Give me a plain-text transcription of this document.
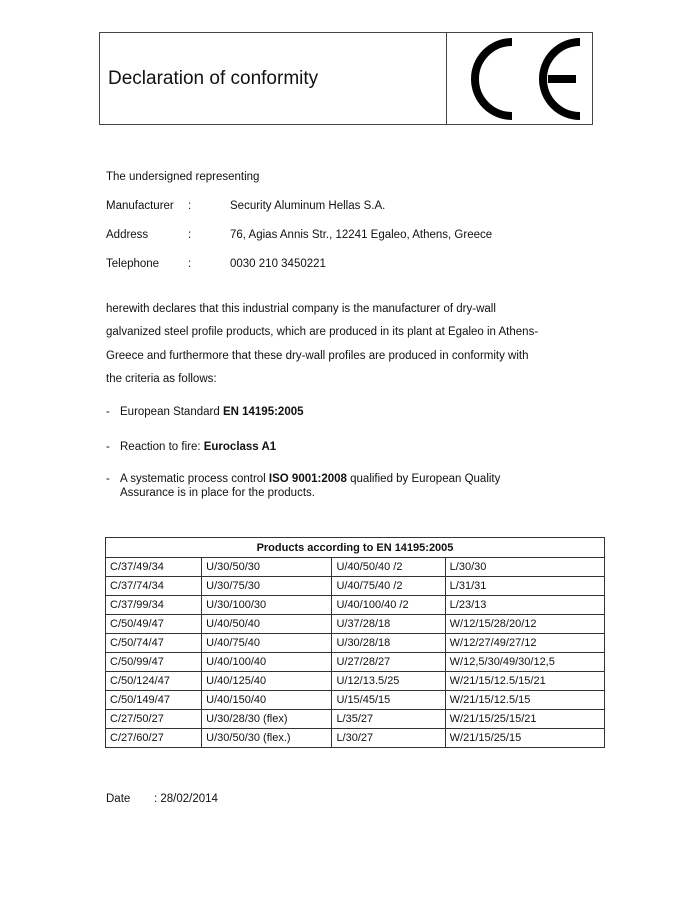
Declaration of conformity
The undersigned representing
Manufacturer	:	Security Aluminum Hellas S.A.
Address	:	76, Agias Annis Str., 12241 Egaleo, Athens, Greece
Telephone	:	0030 210 3450221
herewith declares that this industrial company is the manufacturer of dry-wall
galvanized steel profile products, which are produced in its plant at Egaleo in Athens-
Greece and furthermore that these dry-wall profiles are produced in conformity with
the criteria as follows:
- European Standard EN 14195:2005
- Reaction to fire: Euroclass A1
- A systematic process control ISO 9001:2008 qualified by European Quality Assurance is in place for the products.
Products according to EN 14195:2005			
C/37/49/34	U/30/50/30	U/40/50/40 /2	L/30/30
C/37/74/34	U/30/75/30	U/40/75/40 /2	L/31/31
C/37/99/34	U/30/100/30	U/40/100/40 /2	L/23/13
C/50/49/47	U/40/50/40	U/37/28/18	W/12/15/28/20/12
C/50/74/47	U/40/75/40	U/30/28/18	W/12/27/49/27/12
C/50/99/47	U/40/100/40	U/27/28/27	W/12,5/30/49/30/12,5
C/50/124/47	U/40/125/40	U/12/13.5/25	W/21/15/12.5/15/21
C/50/149/47	U/40/150/40	U/15/45/15	W/21/15/12.5/15
C/27/50/27	U/30/28/30 (flex)	L/35/27	W/21/15/25/15/21
C/27/60/27	U/30/50/30 (flex.)	L/30/27	W/21/15/25/15
Date	: 28/02/2014
